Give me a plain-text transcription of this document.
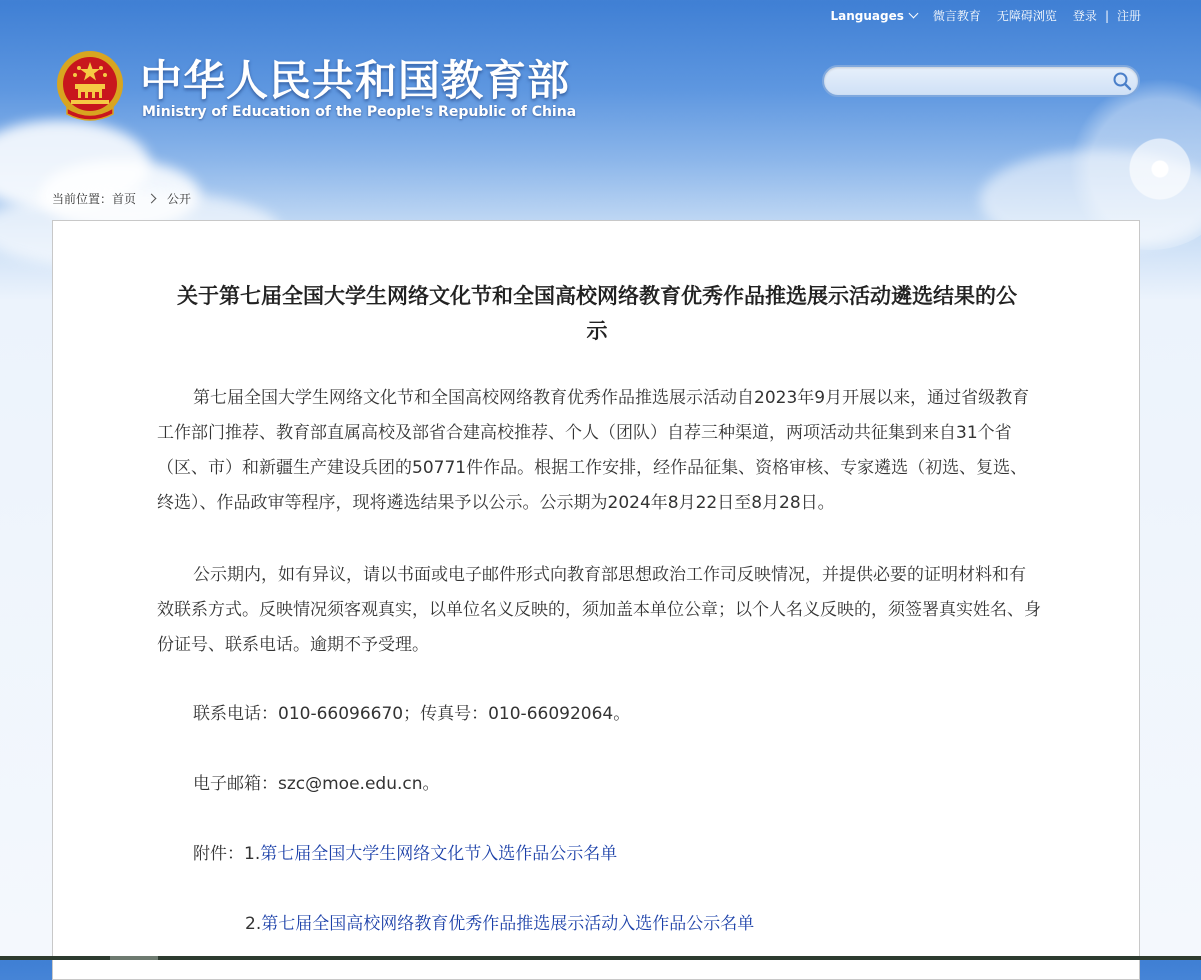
中华人民共和国教育部
Ministry of Education of the People's Republic of China
Languages 微言教育 无障碍浏览 登录 | 注册
当前位置：首页	公开
关于第七届全国大学生网络文化节和全国高校网络教育优秀作品推选展示活动遴选结果的公
示

第七届全国大学生网络文化节和全国高校网络教育优秀作品推选展示活动自2023年9月开展以来，通过省级教育工作部门推荐、教育部直属高校及部省合建高校推荐、个人（团队）自荐三种渠道，两项活动共征集到来自31个省（区、市）和新疆生产建设兵团的50771件作品。根据工作安排，经作品征集、资格审核、专家遴选（初选、复选、终选）、作品政审等程序，现将遴选结果予以公示。公示期为2024年8月22日至8月28日。

公示期内，如有异议，请以书面或电子邮件形式向教育部思想政治工作司反映情况，并提供必要的证明材料和有效联系方式。反映情况须客观真实，以单位名义反映的，须加盖本单位公章；以个人名义反映的，须签署真实姓名、身份证号、联系电话。逾期不予受理。

联系电话：010-66096670；传真号：010-66092064。

电子邮箱：szc@moe.edu.cn。

附件：1.第七届全国大学生网络文化节入选作品公示名单
2.第七届全国高校网络教育优秀作品推选展示活动入选作品公示名单
